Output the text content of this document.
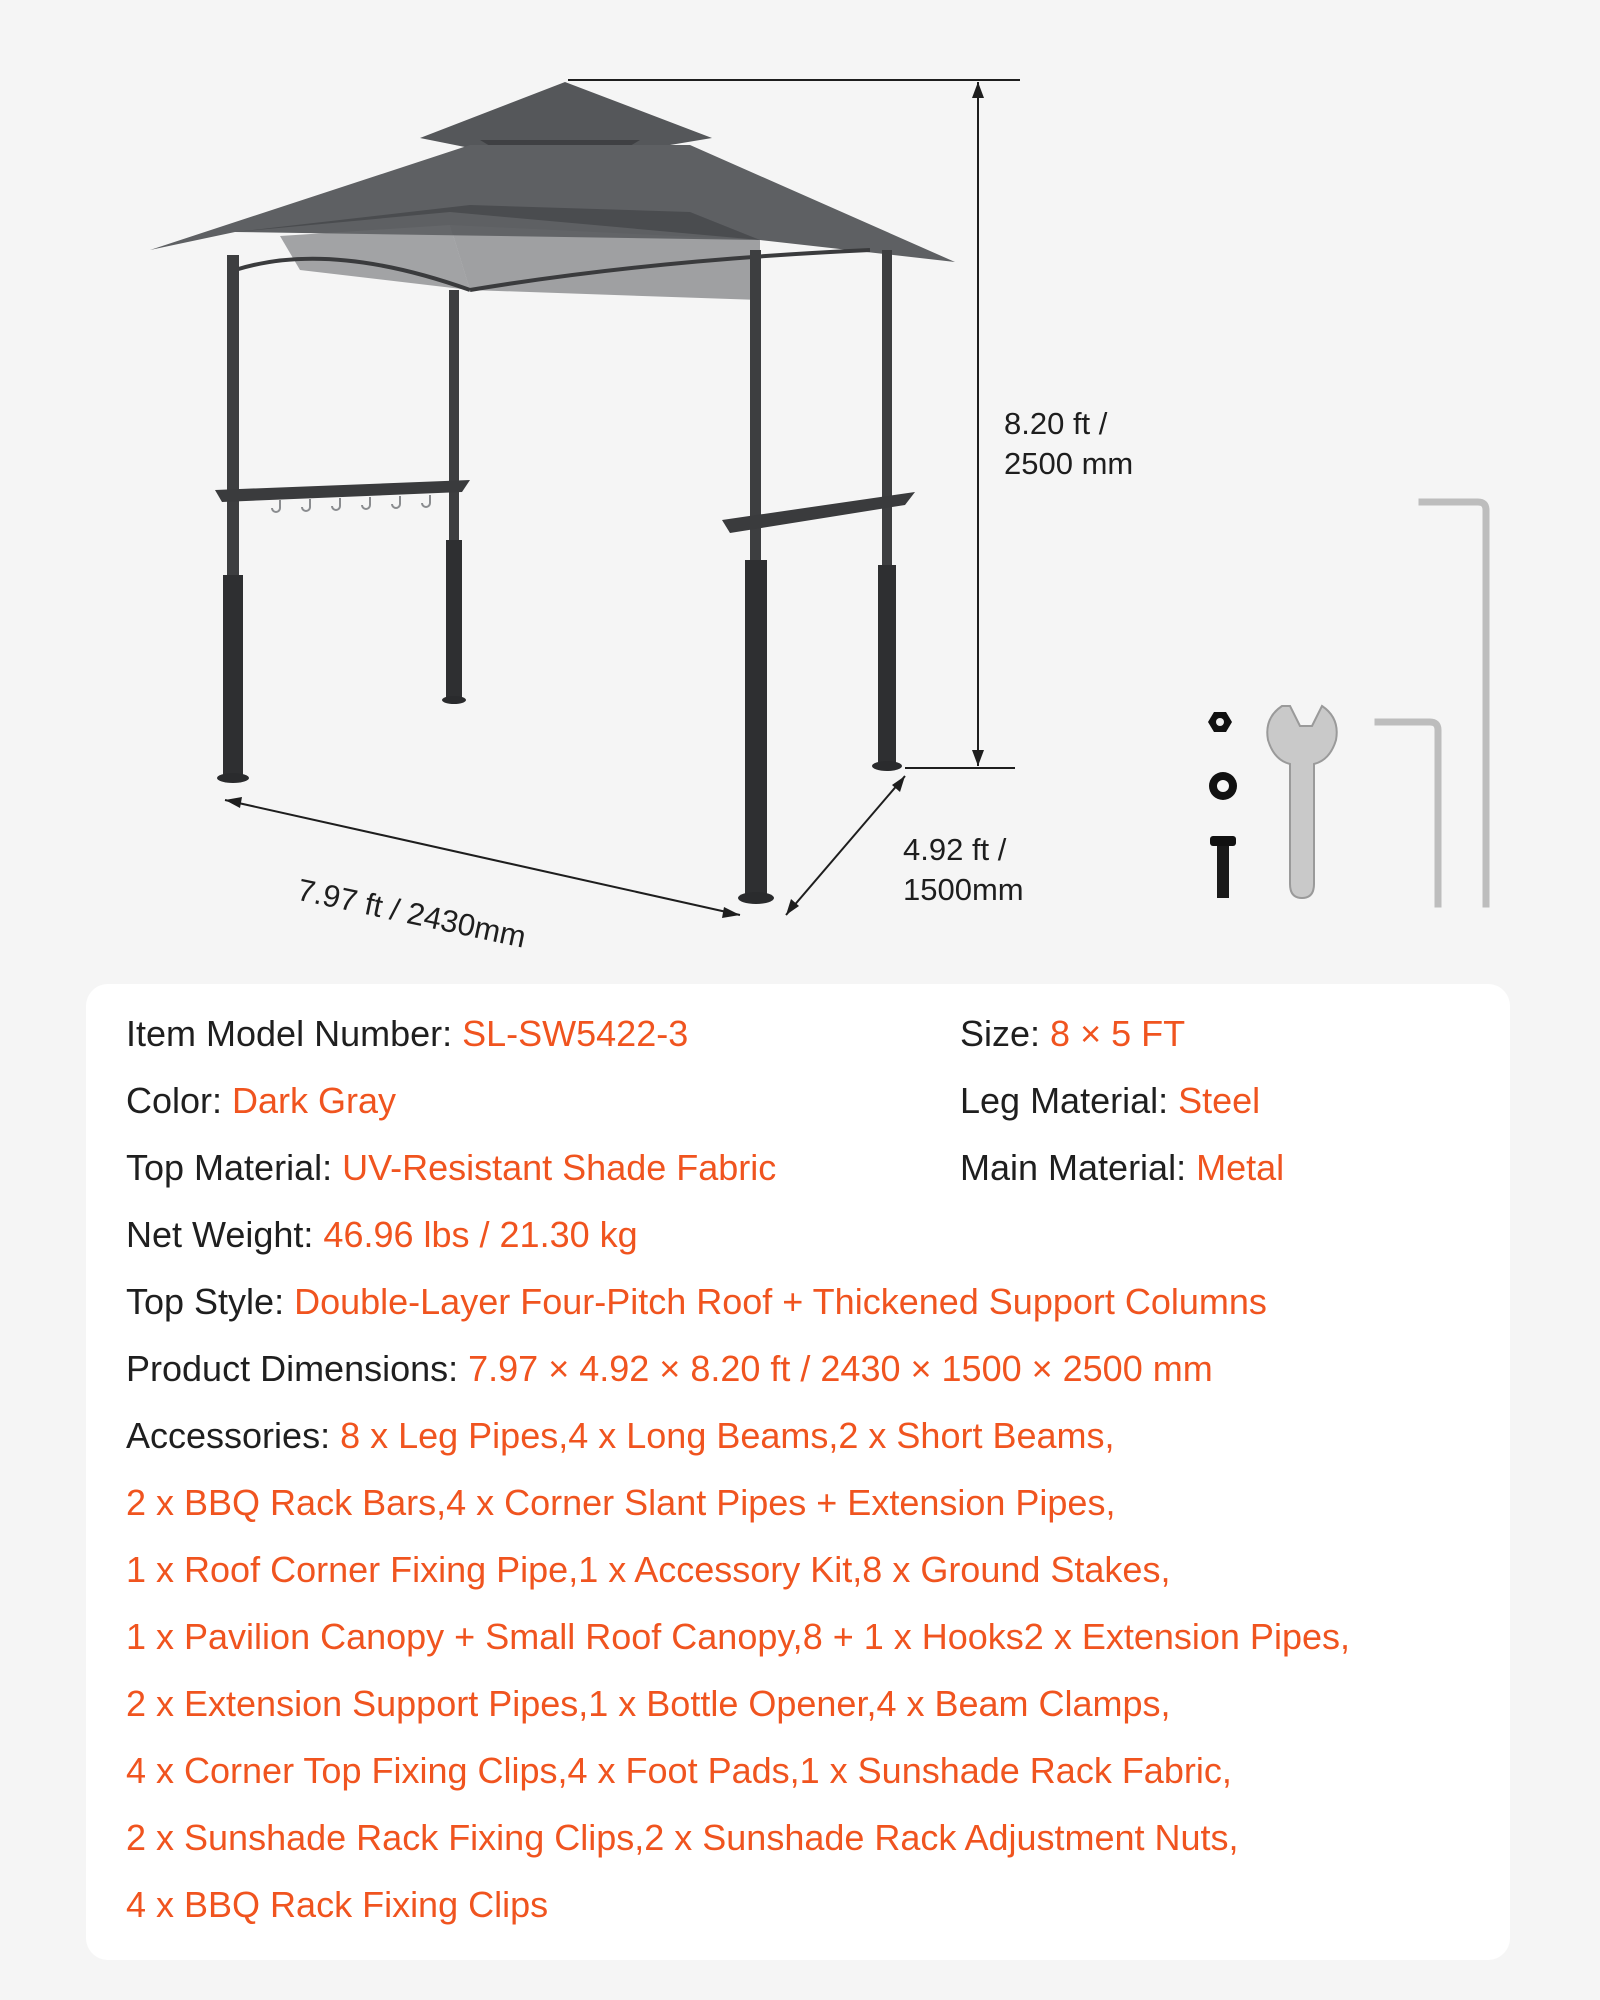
8.20 ft /
2500 mm
4.92 ft /
1500mm
7.97 ft / 2430mm
Item Model Number: SL-SW5422-3	Size: 8 × 5 FT
Color: Dark Gray	Leg Material: Steel
Top Material: UV-Resistant Shade Fabric	Main Material: Metal
Net Weight: 46.96 lbs / 21.30 kg
Top Style: Double-Layer Four-Pitch Roof + Thickened Support Columns
Product Dimensions: 7.97 × 4.92 × 8.20 ft / 2430 × 1500 × 2500 mm
Accessories: 8 x Leg Pipes,4 x Long Beams,2 x Short Beams,
2 x BBQ Rack Bars,4 x Corner Slant Pipes + Extension Pipes,
1 x Roof Corner Fixing Pipe,1 x Accessory Kit,8 x Ground Stakes,
1 x Pavilion Canopy + Small Roof Canopy,8 + 1 x Hooks2 x Extension Pipes,
2 x Extension Support Pipes,1 x Bottle Opener,4 x Beam Clamps,
4 x Corner Top Fixing Clips,4 x Foot Pads,1 x Sunshade Rack Fabric,
2 x Sunshade Rack Fixing Clips,2 x Sunshade Rack Adjustment Nuts,
4 x BBQ Rack Fixing Clips
